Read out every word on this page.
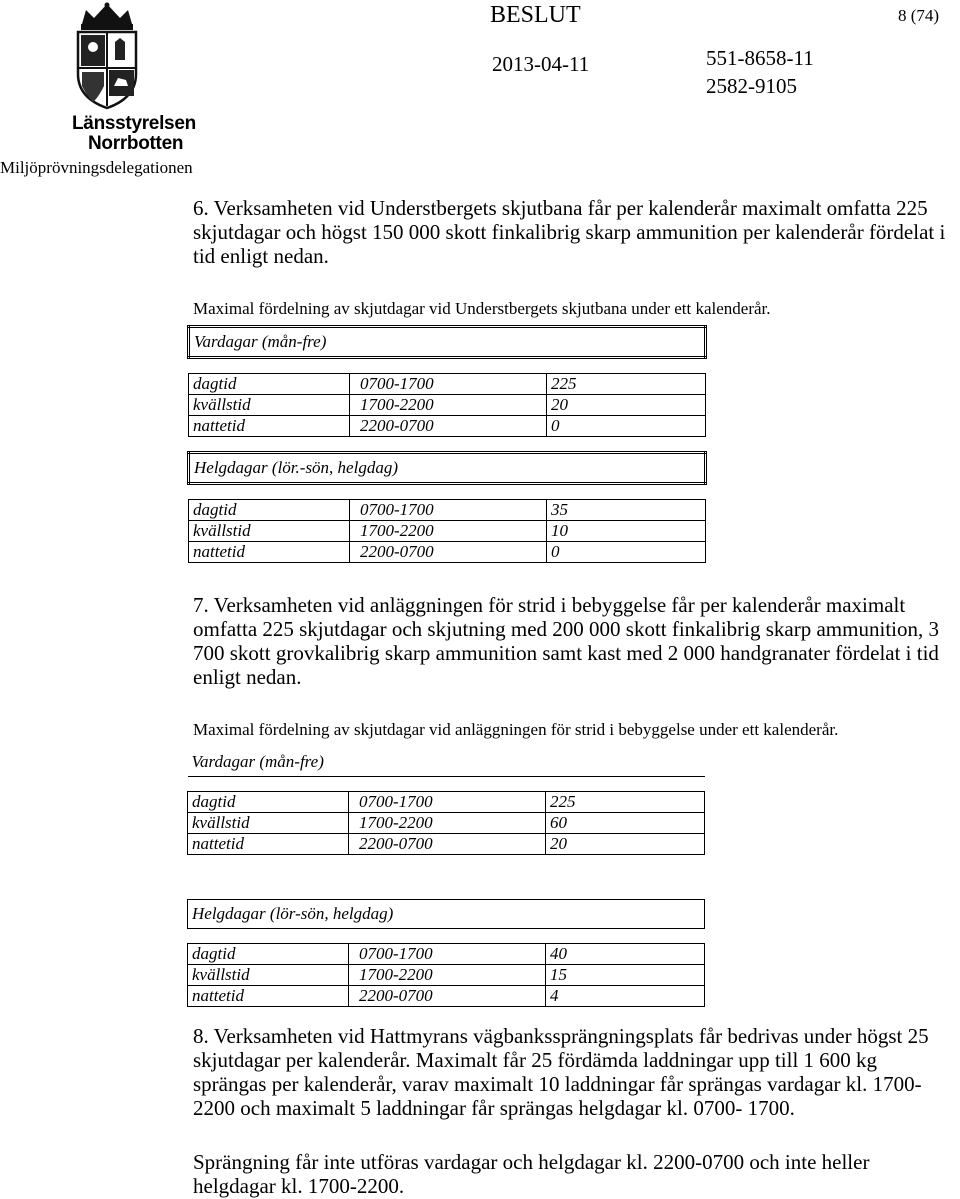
Länsstyrelsen
Norrbotten
Miljöprövningsdelegationen
BESLUT	8 (74)
2013-04-11	551-8658-11
2582-9105
6. Verksamheten vid Understbergets skjutbana får per kalenderår maximalt omfatta 225 skjutdagar och högst 150 000 skott finkalibrig skarp ammunition per kalenderår fördelat i tid enligt nedan.
Maximal fördelning av skjutdagar vid Understbergets skjutbana under ett kalenderår.
Vardagar (mån-fre)		

dagtid	0700-1700	225
kvällstid	1700-2200	20
nattetid	2200-0700	0

Helgdagar (lör.-sön, helgdag)		

dagtid	0700-1700	35
kvällstid	1700-2200	10
nattetid	2200-0700	0
7. Verksamheten vid anläggningen för strid i bebyggelse får per kalenderår maximalt omfatta 225 skjutdagar och skjutning med 200 000 skott finkalibrig skarp ammunition, 3 700 skott grovkalibrig skarp ammunition samt kast med 2 000 handgranater fördelat i tid enligt nedan.
Maximal fördelning av skjutdagar vid anläggningen för strid i bebyggelse under ett kalenderår.
Vardagar (mån-fre)		

dagtid	0700-1700	225
kvällstid	1700-2200	60
nattetid	2200-0700	20

Helgdagar (lör-sön, helgdag)		

dagtid	0700-1700	40
kvällstid	1700-2200	15
nattetid	2200-0700	4
8. Verksamheten vid Hattmyrans vägbankssprängningsplats får bedrivas under högst 25 skjutdagar per kalenderår. Maximalt får 25 fördämda laddningar upp till 1 600 kg sprängas per kalenderår, varav maximalt 10 laddningar får sprängas vardagar kl. 1700-2200 och maximalt 5 laddningar får sprängas helgdagar kl. 0700- 1700.
Sprängning får inte utföras vardagar och helgdagar kl. 2200-0700 och inte heller helgdagar kl. 1700-2200.
